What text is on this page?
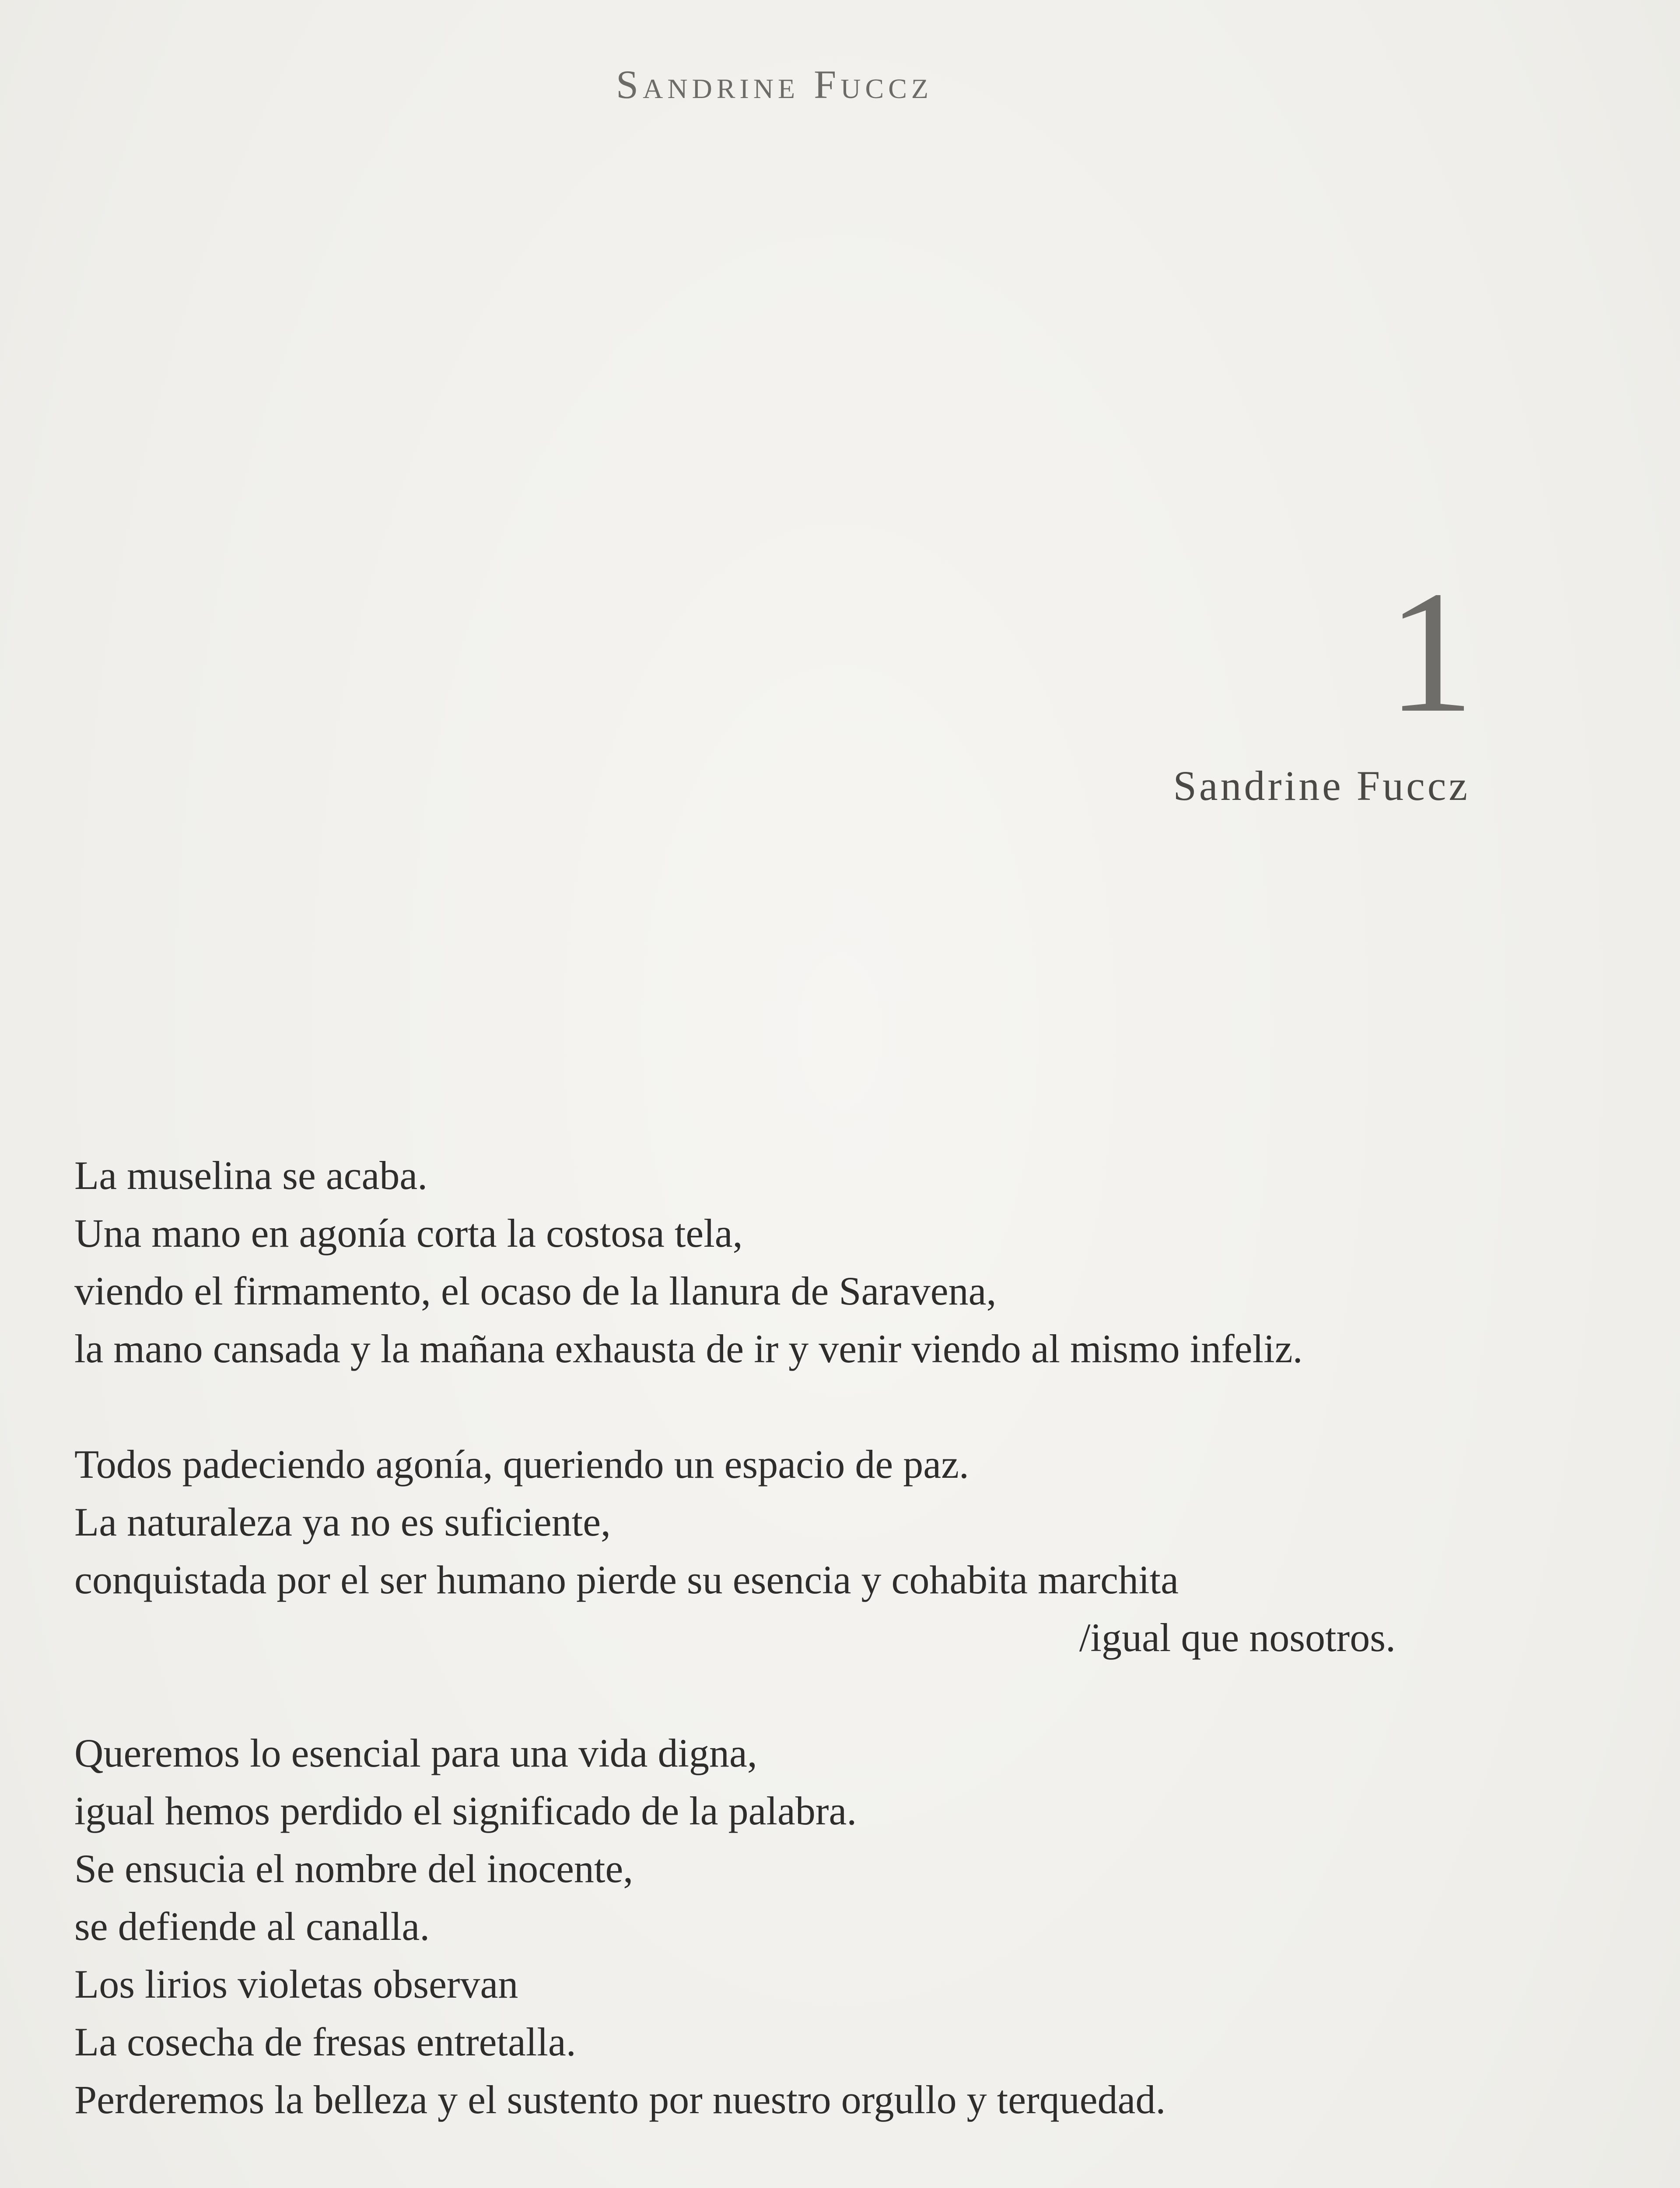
Sandrine Fuccz
1
Sandrine Fuccz
La muselina se acaba.
Una mano en agonía corta la costosa tela,
viendo el firmamento, el ocaso de la llanura de Saravena,
la mano cansada y la mañana exhausta de ir y venir viendo al mismo infeliz.
Todos padeciendo agonía, queriendo un espacio de paz.
La naturaleza ya no es suficiente,
conquistada por el ser humano pierde su esencia y cohabita marchita
/igual que nosotros.
Queremos lo esencial para una vida digna,
igual hemos perdido el significado de la palabra.
Se ensucia el nombre del inocente,
se defiende al canalla.
Los lirios violetas observan
La cosecha de fresas entretalla.
Perderemos la belleza y el sustento por nuestro orgullo y terquedad.
